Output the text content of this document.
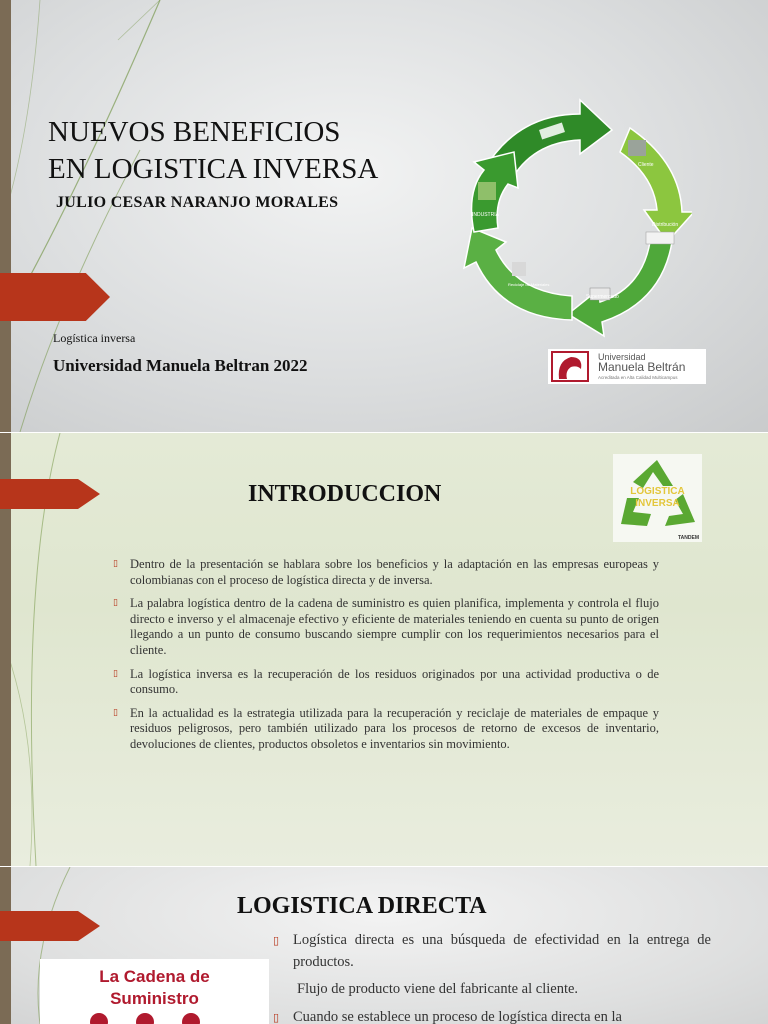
NUEVOS BENEFICIOS
EN LOGISTICA INVERSA
JULIO CESAR NARANJO MORALES
Logística inversa
Universidad Manuela Beltran 2022
INDUSTRIA
Cliente
Distribución
Supermercado
Reciclaje de Materiales
Universidad
Manuela Beltrán
Acreditada en Alta Calidad Multicampus
INTRODUCCION	LOGISTICA
INVERSA
TANDEM
▯ Dentro de la presentación se hablara sobre los beneficios y la adaptación en las empresas europeas y colombianas con el proceso de logística directa y de inversa.
▯ La palabra logística dentro de la cadena de suministro es quien planifica, implementa y controla el flujo directo e inverso y el almacenaje efectivo y eficiente de materiales teniendo en cuenta su punto de origen llegando a un punto de consumo buscando siempre cumplir con los requerimientos necesarios para el cliente.
▯ La logística inversa es la recuperación de los residuos originados por una actividad productiva o de consumo.
▯ En la actualidad es la estrategia utilizada para la recuperación y reciclaje de materiales de empaque y residuos peligrosos, pero también utilizado para los procesos de retorno de excesos de inventario, devoluciones de clientes, productos obsoletos e inventarios sin movimiento.
LOGISTICA DIRECTA
La Cadena de
Suministro
▯ Logística directa es una búsqueda de efectividad en la entrega de productos.
Flujo de producto viene del fabricante al cliente.
▯ Cuando se establece un proceso de logística directa en la
